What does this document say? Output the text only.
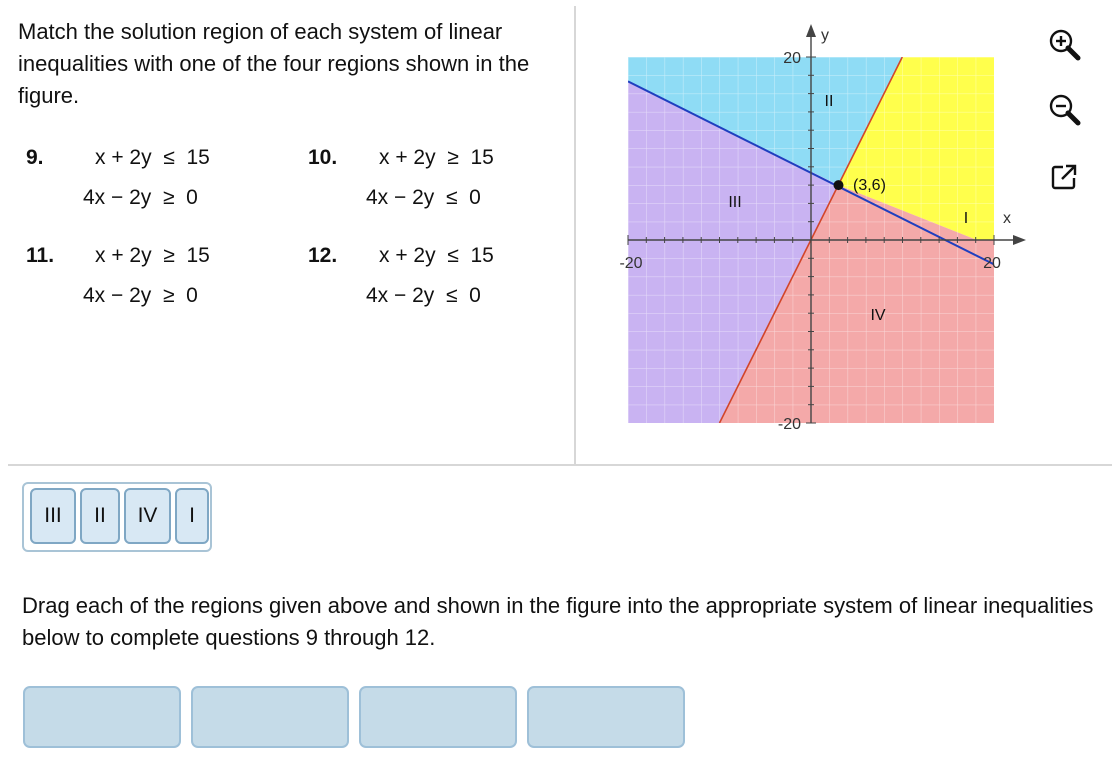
Match the solution region of each system of linear inequalities with one of the four regions shown in the figure.
9. x + 2y  ≤  15
4x − 2y  ≥  0
10. x + 2y  ≥  15
4x − 2y  ≤  0
11. x + 2y  ≥  15
4x − 2y  ≥  0
12. x + 2y  ≤  15
4x − 2y  ≤  0
20
-20
-20	20
y
x
(3,6)
I
II
III
IV
III	II	IV	I
Drag each of the regions given above and shown in the figure into the appropriate system of linear inequalities below to complete questions 9 through 12.
